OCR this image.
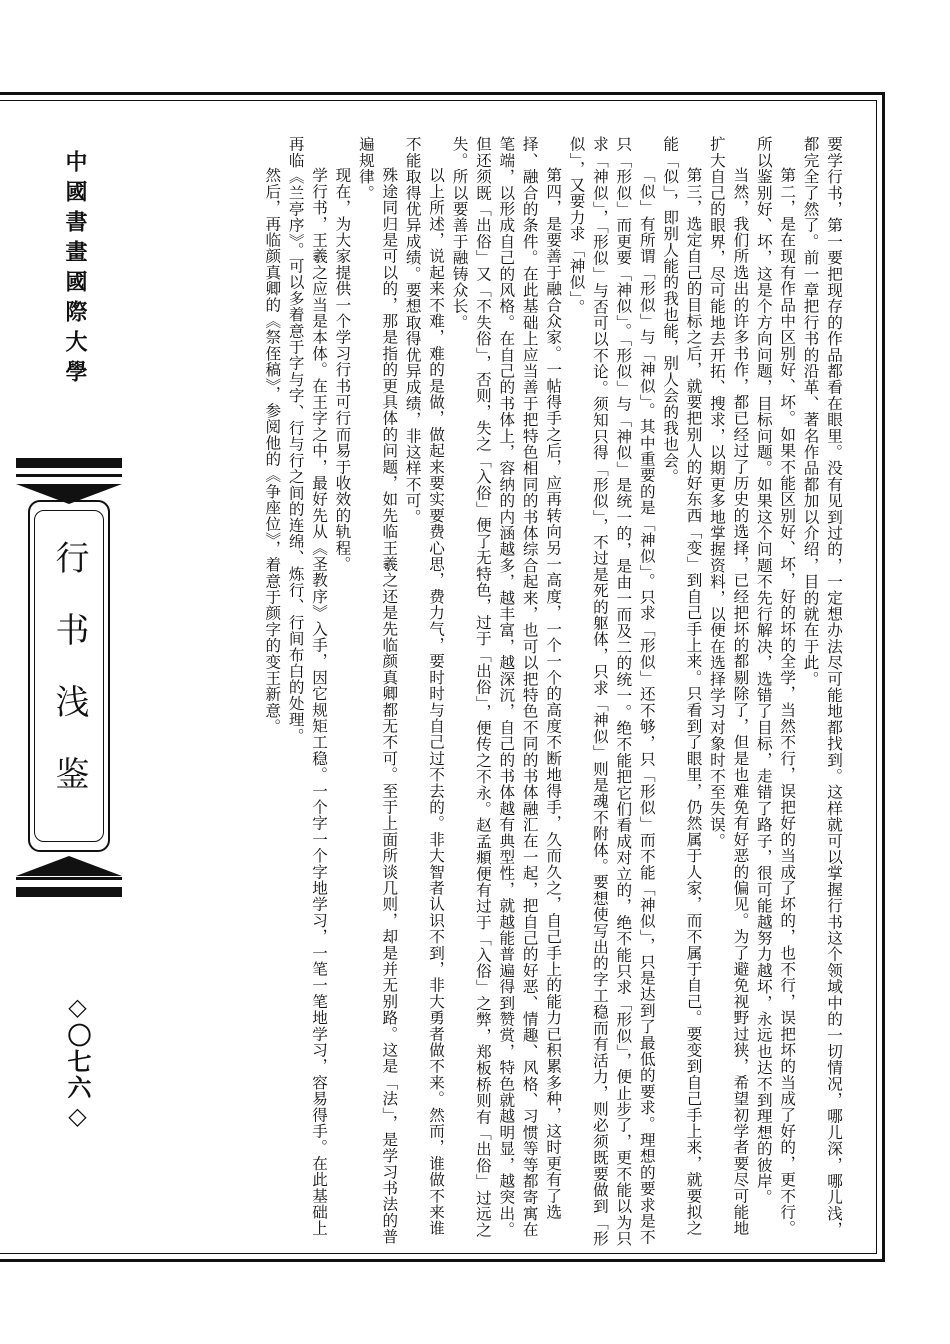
中國書畫國際大學
行书浅鉴
◇〇七六◇	要学行书，第一要把现存的作品都看在眼里。没有见到过的，一定想办法尽可能地都找到。这样就可以掌握行书这个领域中的一切情况，哪儿深，哪儿浅，都完全了然了。前一章把行书的沿革、著名作品都加以介绍，目的就在于此。

第二，是在现有作品中区别好、坏。如果不能区别好、坏，好的坏的全学，当然不行，误把好的当成了坏的，也不行，误把坏的当成了好的，更不行。所以鉴别好、坏，这是个方向问题，目标问题。如果这个问题不先行解决，选错了目标，走错了路子，很可能越努力越坏，永远也达不到理想的彼岸。

当然，我们所选出的许多书作，都已经过了历史的选择，已经把坏的都剔除了，但是也难免有好恶的偏见。为了避免视野过狭，希望初学者要尽可能地扩大自己的眼界，尽可能地去开拓、搜求，以期更多地掌握资料，以便在选择学习对象时不至失误。

第三，选定自己的目标之后，就要把别人的好东西「变」到自己手上来。只看到了眼里，仍然属于人家，而不属于自己。要变到自己手上来，就要拟之能「似」，即别人能的我也能，别人会的我也会。

「似」有所谓「形似」与「神似」。其中重要的是「神似」。只求「形似」还不够，只「形似」而不能「神似」，只是达到了最低的要求。理想的要求是不只「形似」而更要「神似」。「形似」与「神似」是统一的，是由一而及二的统一。绝不能把它们看成对立的，绝不能只求「形似」，便止步了，更不能以为只求「神似」，「形似」与否可以不论。须知只得「形似」，不过是死的躯体，只求「神似」则是魂不附体。要想使写出的字工稳而有活力，则必须既要做到「形似」，又要力求「神似」。

第四，是要善于融合众家。一帖得手之后，应再转向另一高度，一个一个的高度不断地得手，久而久之，自己手上的能力已积累多种，这时更有了选择、融合的条件。在此基础上应当善于把特色相同的书体综合起来，也可以把特色不同的书体融汇在一起，把自己的好恶、情趣、风格、习惯等等都寄寓在笔端，以形成自己的风格。在自己的书体上，容纳的内涵越多，越丰富，越深沉，自己的书体越有典型性，就越能普遍得到赞赏，特色就越明显，越突出。但还须既「出俗」又「不失俗」，否则，失之「入俗」便了无特色，过于「出俗」，便传之不永。赵孟頫便有过于「入俗」之弊，郑板桥则有「出俗」过远之失。所以要善于融铸众长。

以上所述，说起来不难，难的是做，做起来要实要费心思，费力气，要时时与自己过不去的。非大智者认识不到，非大勇者做不来。然而，谁做不来谁不能取得优异成绩。要想取得优异成绩，非这样不可。

殊途同归是可以的，那是指的更具体的问题，如先临王羲之还是先临颜真卿都无不可。至于上面所谈几则，却是并无别路。这是「法」，是学习书法的普遍规律。

现在，为大家提供一个学习行书可行而易于收效的轨程。

学行书，王羲之应当是本体。在王字之中，最好先从《圣教序》入手，因它规矩工稳。一个字一个字地学习，一笔一笔地学习，容易得手。在此基础上再临《兰亭序》。可以多着意于字与字、行与行之间的连绵、炼行、行间布白的处理。

然后，再临颜真卿的《祭侄稿》，参阅他的《争座位》，着意于颜字的变王新意。
